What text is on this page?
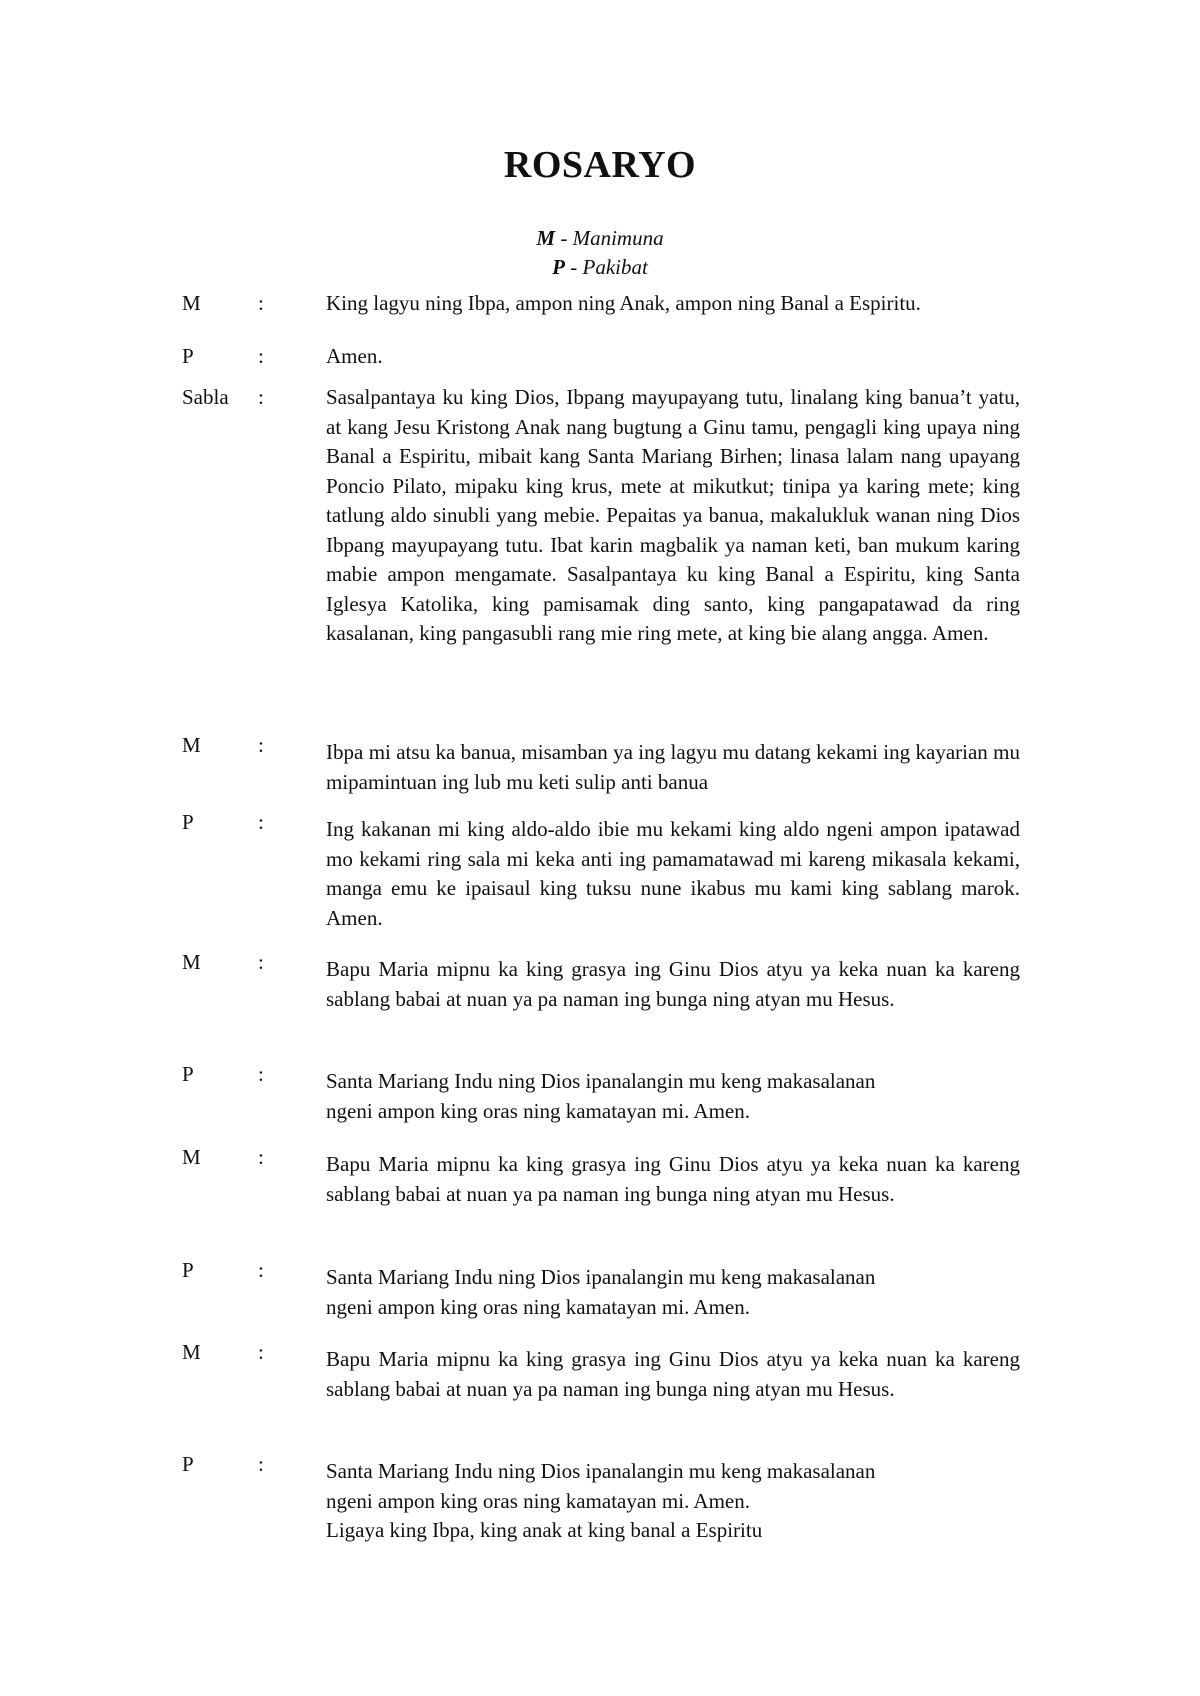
ROSARYO
M - Manimuna
P - Pakibat
M	:	King lagyu ning Ibpa, ampon ning Anak, ampon ning Banal a Espiritu.
P	:	Amen.
Sabla :	Sasalpantaya ku king Dios, Ibpang mayupayang tutu, linalang king banua’t yatu, at kang Jesu Kristong Anak nang bugtung a Ginu tamu, pengagli king upaya ning Banal a Espiritu, mibait kang Santa Mariang Birhen; linasa lalam nang upayang Poncio Pilato, mipaku king krus, mete at mikutkut; tinipa ya karing mete; king tatlung aldo sinubli yang mebie. Pepaitas ya banua, makalukluk wanan ning Dios Ibpang mayupayang tutu. Ibat karin magbalik ya naman keti, ban mukum karing mabie ampon mengamate. Sasalpantaya ku king Banal a Espiritu, king Santa Iglesya Katolika, king pamisamak ding santo, king pangapatawad da ring kasalanan, king pangasubli rang mie ring mete, at king bie alang angga. Amen.
M	:	Ibpa mi atsu ka banua, misamban ya ing lagyu mu datang kekami ing kayarian mu mipamintuan ing lub mu keti sulip anti banua
P	:	Ing kakanan mi king aldo-aldo ibie mu kekami king aldo ngeni ampon ipatawad mo kekami ring sala mi keka anti ing pamamatawad mi kareng mikasala kekami, manga emu ke ipaisaul king tuksu nune ikabus mu kami king sablang marok. Amen.
M	:	Bapu Maria mipnu ka king grasya ing Ginu Dios atyu ya keka nuan ka kareng sablang babai at nuan ya pa naman ing bunga ning atyan mu Hesus.
P	:	Santa Mariang Indu ning Dios ipanalangin mu keng makasalanan

ngeni ampon king oras ning kamatayan mi. Amen.

M	:	Bapu Maria mipnu ka king grasya ing Ginu Dios atyu ya keka nuan ka kareng sablang babai at nuan ya pa naman ing bunga ning atyan mu Hesus.
P	:	Santa Mariang Indu ning Dios ipanalangin mu keng makasalanan

ngeni ampon king oras ning kamatayan mi. Amen.

M	:	Bapu Maria mipnu ka king grasya ing Ginu Dios atyu ya keka nuan ka kareng sablang babai at nuan ya pa naman ing bunga ning atyan mu Hesus.
P	:	Santa Mariang Indu ning Dios ipanalangin mu keng makasalanan

ngeni ampon king oras ning kamatayan mi. Amen.

Ligaya king Ibpa, king anak at king banal a Espiritu
